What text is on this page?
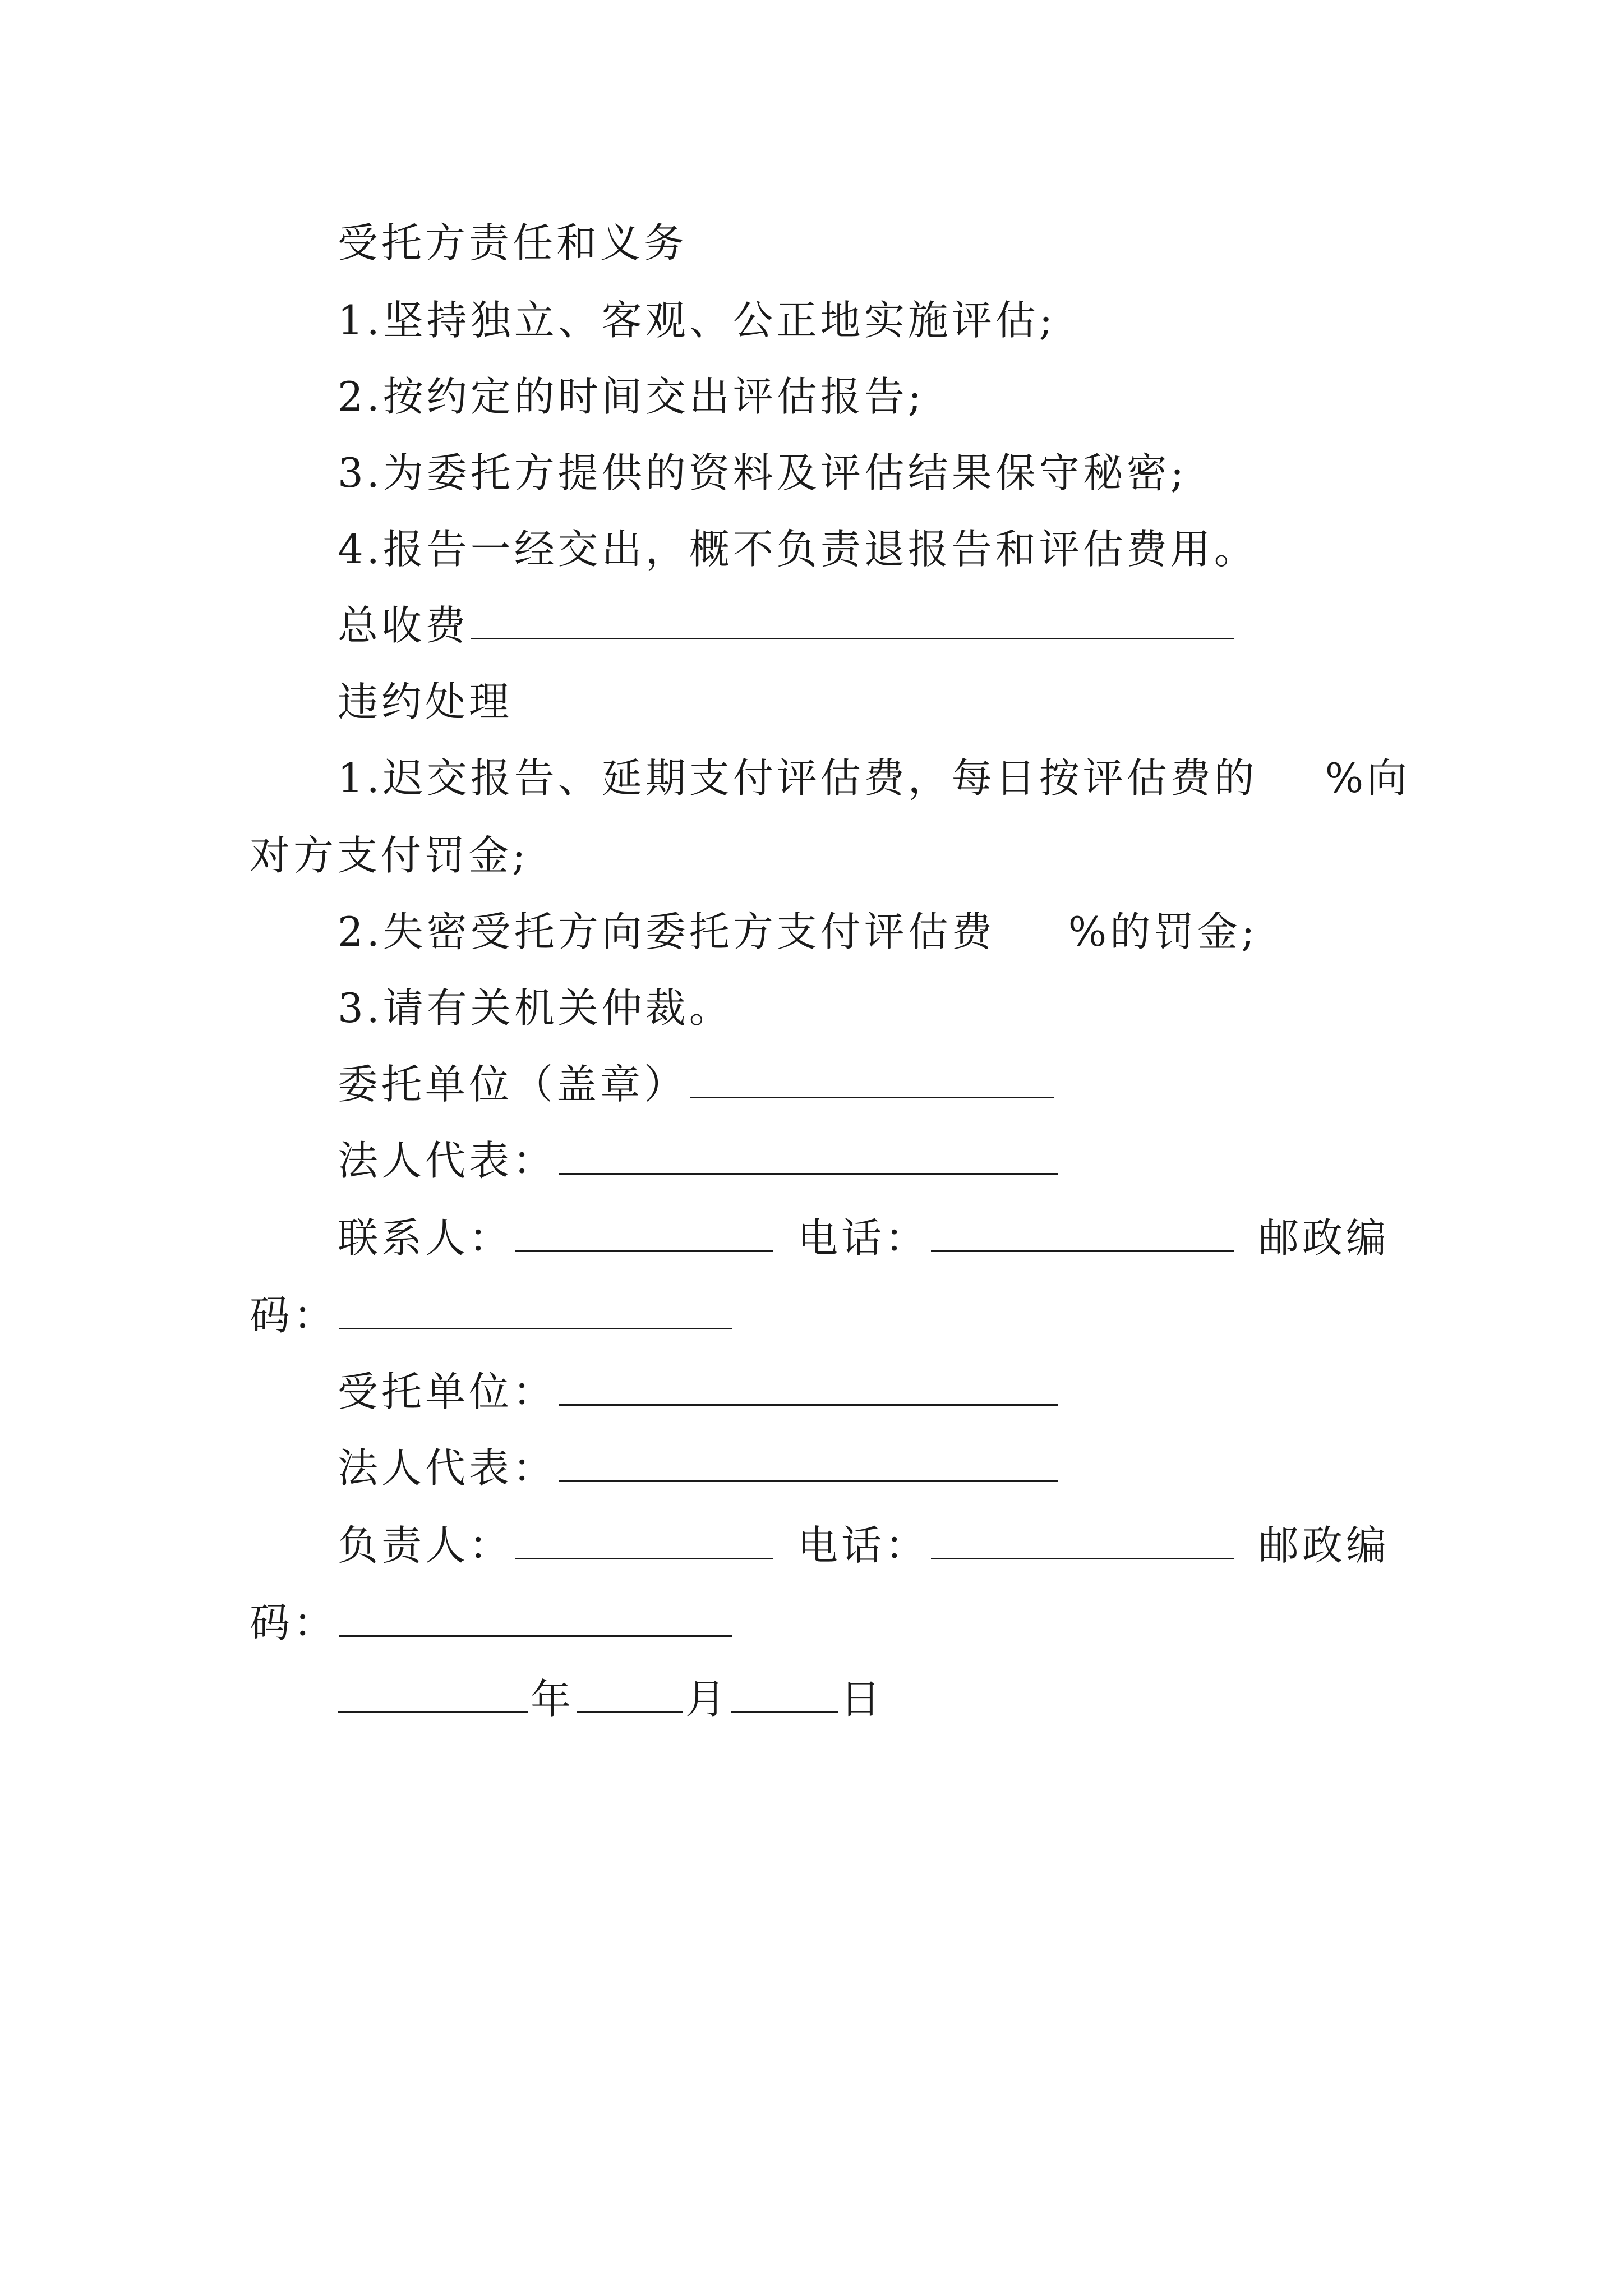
受托方责任和义务
1.坚持独立、客观、公正地实施评估;
2.按约定的时间交出评估报告;
3.为委托方提供的资料及评估结果保守秘密;
4.报告一经交出，概不负责退报告和评估费用。
总收费
违约处理
1.迟交报告、延期支付评估费，每日按评估费的 %向
对方支付罚金;
2.失密受托方向委托方支付评估费 %的罚金;
3.请有关机关仲裁。
委托单位（盖章）
法人代表：
联系人：	电话：	邮政编
码：
受托单位：
法人代表：
负责人：	电话：	邮政编
码：
年	月	日
